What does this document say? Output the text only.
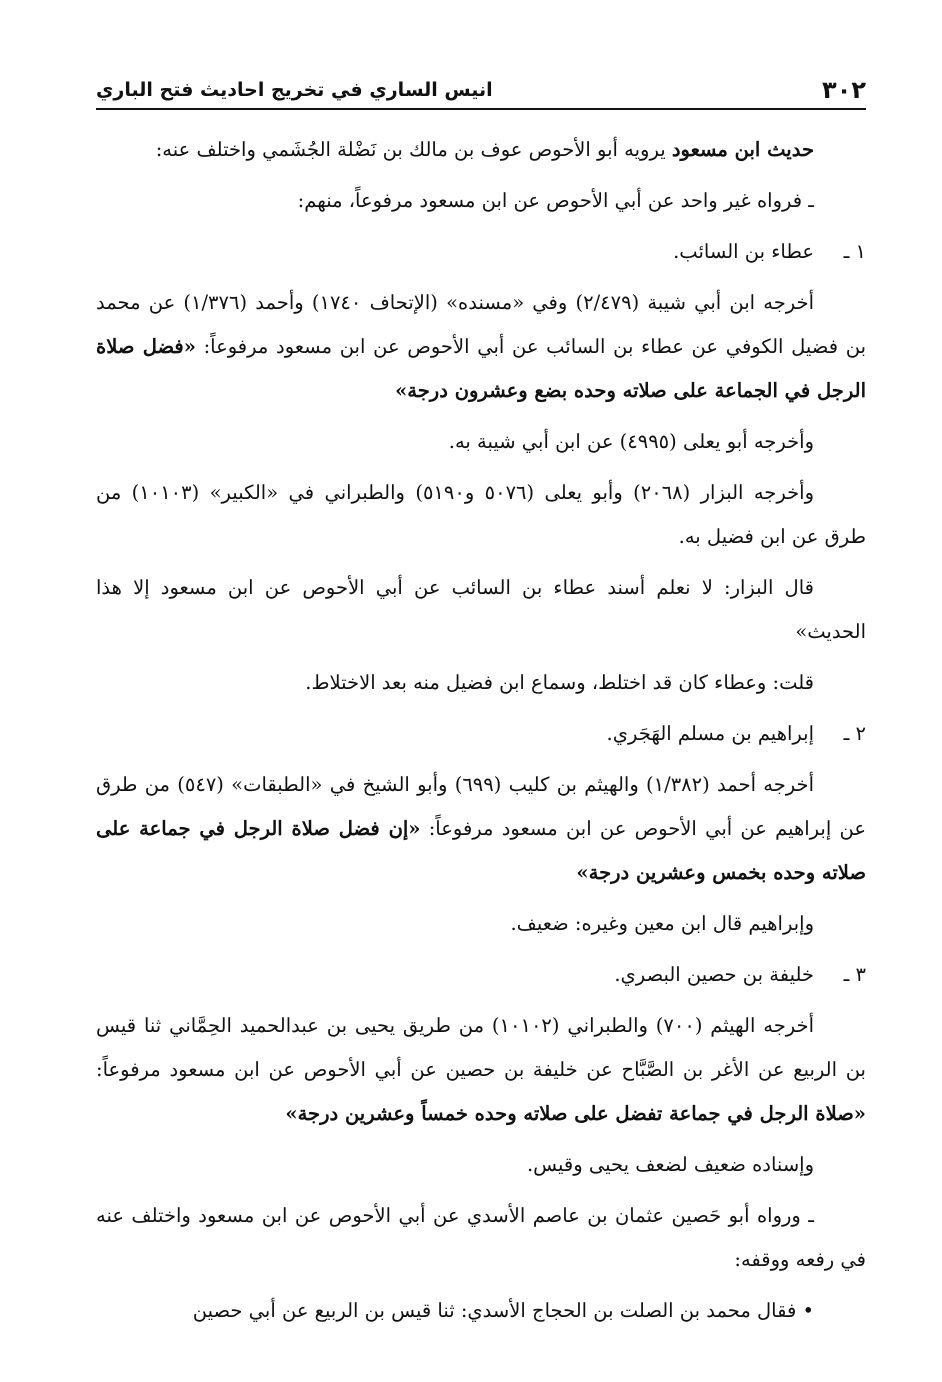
٣٠٢
انيس الساري في تخريج احاديث فتح الباري

حديث ابن مسعود يرويه أبو الأحوص عوف بن مالك بن نَضْلة الجُشَمي واختلف عنه:

ـ فرواه غير واحد عن أبي الأحوص عن ابن مسعود مرفوعاً، منهم:

١ ـ
عطاء بن السائب.

أخرجه ابن أبي شيبة (٢/٤٧٩) وفي «مسنده» (الإتحاف ١٧٤٠) وأحمد (١/٣٧٦) عن محمد بن فضيل الكوفي عن عطاء بن السائب عن أبي الأحوص عن ابن مسعود مرفوعاً: «فضل صلاة الرجل في الجماعة على صلاته وحده بضع وعشرون درجة»

وأخرجه أبو يعلى (٤٩٩٥) عن ابن أبي شيبة به.

وأخرجه البزار (٢٠٦٨) وأبو يعلى (٥٠٧٦ و٥١٩٠) والطبراني في «الكبير» (١٠١٠٣) من طرق عن ابن فضيل به.

قال البزار: لا نعلم أسند عطاء بن السائب عن أبي الأحوص عن ابن مسعود إلا هذا الحديث»

قلت: وعطاء كان قد اختلط، وسماع ابن فضيل منه بعد الاختلاط.

٢ ـ
إبراهيم بن مسلم الهَجَري.

أخرجه أحمد (١/٣٨٢) والهيثم بن كليب (٦٩٩) وأبو الشيخ في «الطبقات» (٥٤٧) من طرق عن إبراهيم عن أبي الأحوص عن ابن مسعود مرفوعاً: «إن فضل صلاة الرجل في جماعة على صلاته وحده بخمس وعشرين درجة»

وإبراهيم قال ابن معين وغيره: ضعيف.

٣ ـ
خليفة بن حصين البصري.

أخرجه الهيثم (٧٠٠) والطبراني (١٠١٠٢) من طريق يحيى بن عبدالحميد الحِمَّاني ثنا قيس بن الربيع عن الأغر بن الصَّبَّاح عن خليفة بن حصين عن أبي الأحوص عن ابن مسعود مرفوعاً: «صلاة الرجل في جماعة تفضل على صلاته وحده خمساً وعشرين درجة»

وإسناده ضعيف لضعف يحيى وقيس.

ـ ورواه أبو حَصين عثمان بن عاصم الأسدي عن أبي الأحوص عن ابن مسعود واختلف عنه في رفعه ووقفه:

• فقال محمد بن الصلت بن الحجاج الأسدي: ثنا قيس بن الربيع عن أبي حصين
